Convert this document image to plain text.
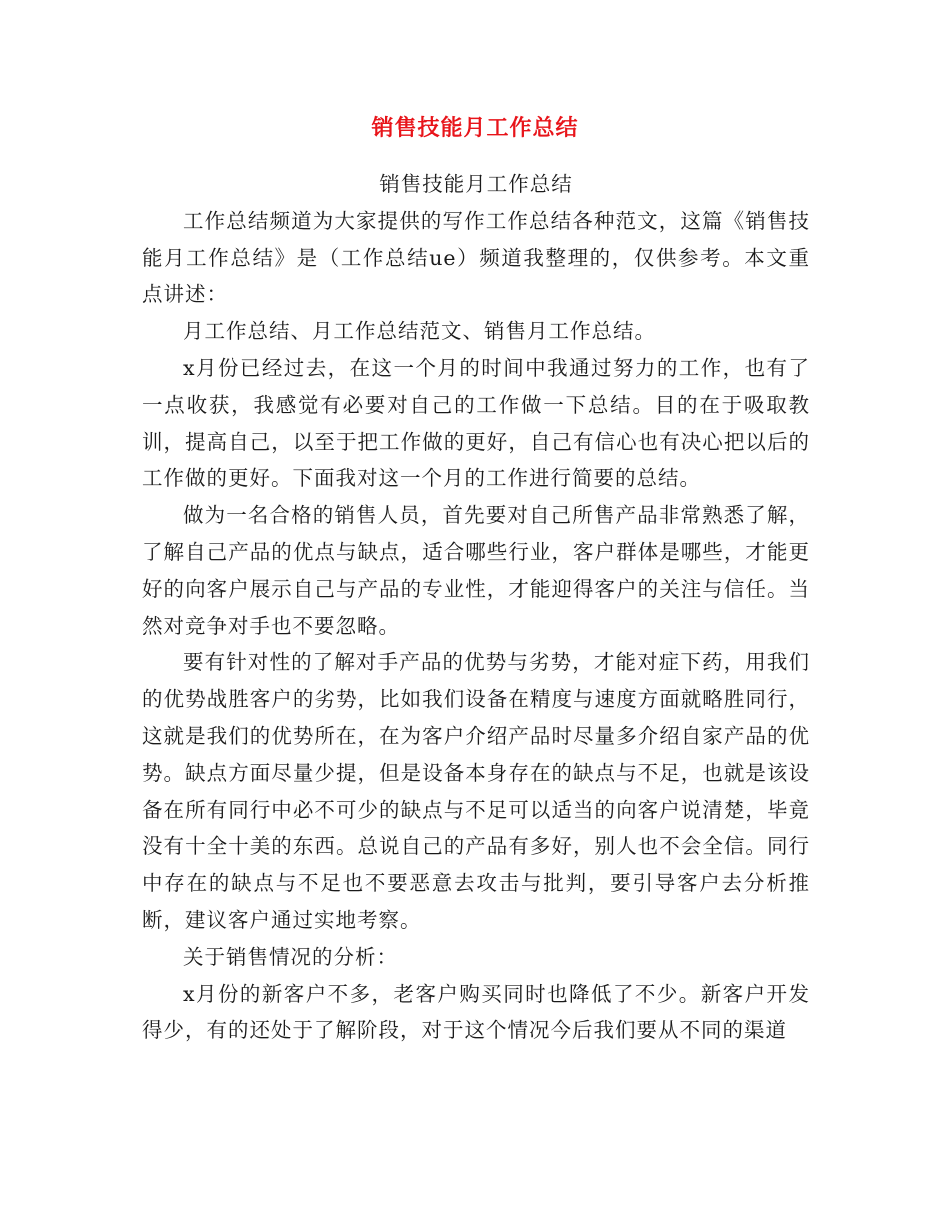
销售技能月工作总结

销售技能月工作总结

工作总结频道为大家提供的写作工作总结各种范文，这篇《销售技能月工作总结》是（工作总结ue）频道我整理的，仅供参考。本文重点讲述：

月工作总结、月工作总结范文、销售月工作总结。

x月份已经过去，在这一个月的时间中我通过努力的工作，也有了一点收获，我感觉有必要对自己的工作做一下总结。目的在于吸取教训，提高自己，以至于把工作做的更好，自己有信心也有决心把以后的工作做的更好。下面我对这一个月的工作进行简要的总结。

做为一名合格的销售人员，首先要对自己所售产品非常熟悉了解，了解自己产品的优点与缺点，适合哪些行业，客户群体是哪些，才能更好的向客户展示自己与产品的专业性，才能迎得客户的关注与信任。当然对竞争对手也不要忽略。

要有针对性的了解对手产品的优势与劣势，才能对症下药，用我们的优势战胜客户的劣势，比如我们设备在精度与速度方面就略胜同行，这就是我们的优势所在，在为客户介绍产品时尽量多介绍自家产品的优势。缺点方面尽量少提，但是设备本身存在的缺点与不足，也就是该设备在所有同行中必不可少的缺点与不足可以适当的向客户说清楚，毕竟没有十全十美的东西。总说自己的产品有多好，别人也不会全信。同行中存在的缺点与不足也不要恶意去攻击与批判，要引导客户去分析推断，建议客户通过实地考察。

关于销售情况的分析：

x月份的新客户不多，老客户购买同时也降低了不少。新客户开发得少，有的还处于了解阶段，对于这个情况今后我们要从不同的渠道
